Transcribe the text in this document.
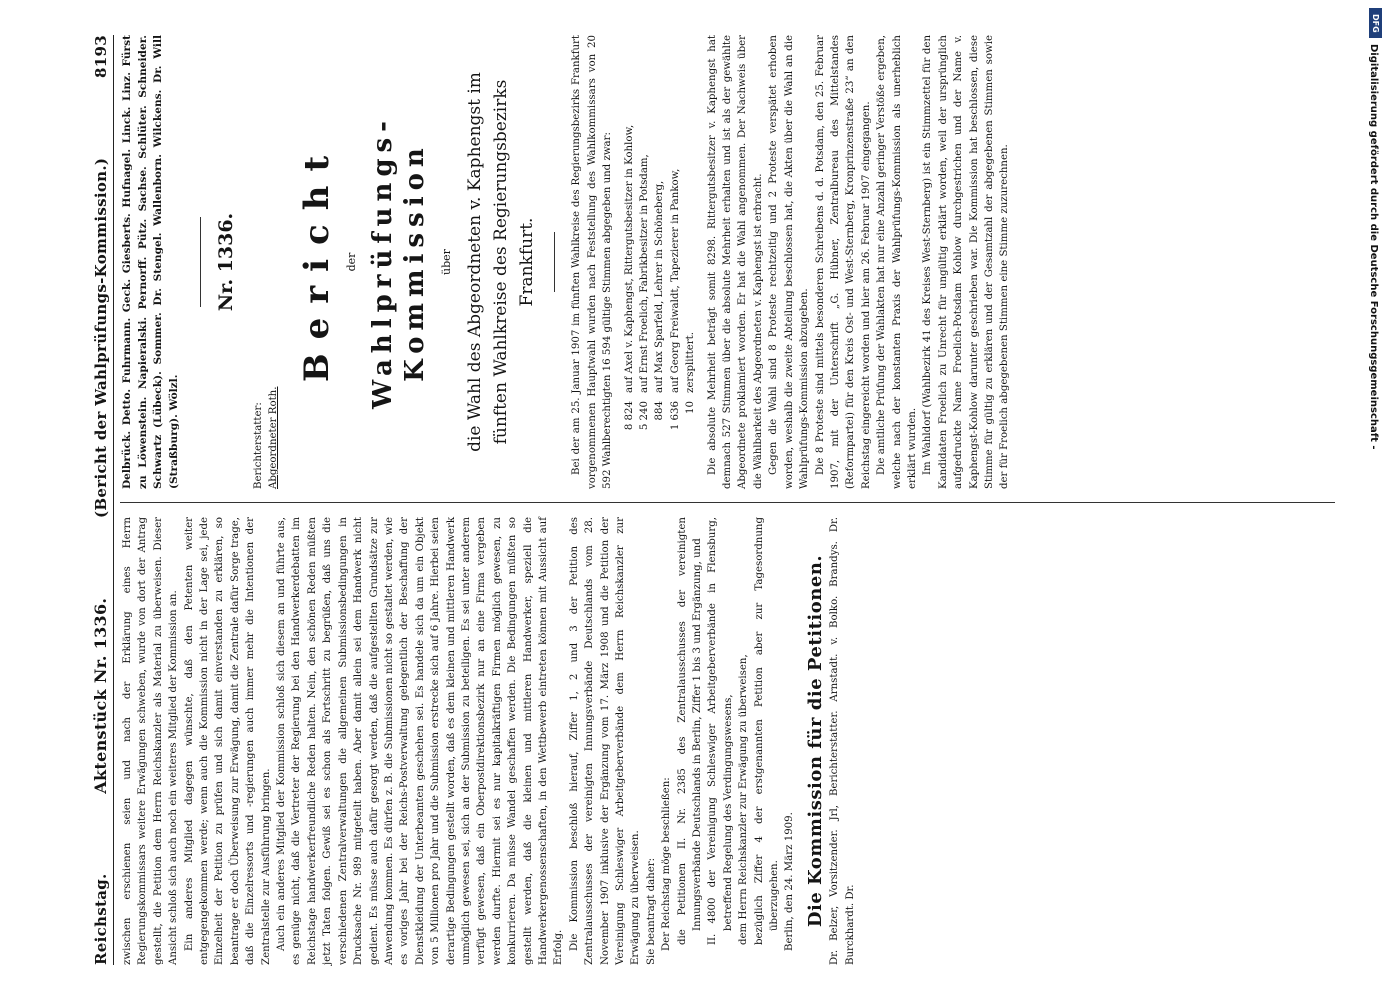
Reichstag.
Aktenstück Nr. 1336.
(Bericht der Wahlprüfungs-Kommission.)
8193

zwischen erschienen seien und nach der Erklärung eines Herrn Regierungskommissars weitere Erwägungen schweben, wurde von dort der Antrag gestellt, die Petition dem Herrn Reichskanzler als Material zu überweisen. Dieser Ansicht schloß sich auch noch ein weiteres Mitglied der Kommission an. Ein anderes Mitglied dagegen wünschte, daß den Petenten weiter entgegengekommen werde; wenn auch die Kommission nicht in der Lage sei, jede Einzelheit der Petition zu prüfen und sich damit einverstanden zu erklären, so beantrage er doch Überweisung zur Erwägung, damit die Zentrale dafür Sorge trage, daß die Einzelressorts und -regierungen auch immer mehr die Intentionen der Zentralstelle zur Ausführung bringen. Auch ein anderes Mitglied der Kommission schloß sich diesem an und führte aus, es genüge nicht, daß die Vertreter der Regierung bei den Handwerkerdebatten im Reichstage handwerkerfreundliche Reden halten. Nein, den schönen Reden müßten jetzt Taten folgen. Gewiß sei es schon als Fortschritt zu begrüßen, daß uns die verschiedenen Zentralverwaltungen die allgemeinen Submissionsbedingungen in Drucksache Nr. 989 mitgeteilt haben. Aber damit allein sei dem Handwerk nicht gedient. Es müsse auch dafür gesorgt werden, daß die aufgestellten Grundsätze zur Anwendung kommen. Es dürfen z. B. die Submissionen nicht so gestaltet werden, wie es voriges Jahr bei der Reichs-Postverwaltung gelegentlich der Beschaffung der Dienstkleidung der Unterbeamten geschehen sei. Es handele sich da um ein Objekt von 5 Millionen pro Jahr und die Submission erstrecke sich auf 6 Jahre. Hierbei seien derartige Bedingungen gestellt worden, daß es dem kleinen und mittleren Handwerk unmöglich gewesen sei, sich an der Submission zu beteiligen. Es sei unter anderem verfügt gewesen, daß ein Oberpostdirektionsbezirk nur an eine Firma vergeben werden durfte. Hiermit sei es nur kapitalkräftigen Firmen möglich gewesen, zu konkurrieren. Da müsse Wandel geschaffen werden. Die Bedingungen müßten so gestellt werden, daß die kleinen und mittleren Handwerker, speziell die Handwerkergenossenschaften, in den Wettbewerb eintreten können mit Aussicht auf Erfolg. Die Kommission beschloß hierauf, Ziffer 1, 2 und 3 der Petition des Zentralausschusses der vereinigten Innungsverbände Deutschlands vom 28. November 1907 inklusive der Ergänzung vom 17. März 1908 und die Petition der Vereinigung Schleswiger Arbeitgeberverbände dem Herrn Reichskanzler zur Erwägung zu überweisen. Sie beantragt daher: Der Reichstag möge beschließen: die Petitionen II. Nr. 2385 des Zentralausschusses der vereinigten Innungsverbände Deutschlands in Berlin, Ziffer 1 bis 3 und Ergänzung, und II. 4800 der Vereinigung Schleswiger Arbeitgeberverbände in Flensburg, betreffend Regelung des Verdingungswesens, dem Herrn Reichskanzler zur Erwägung zu überweisen, bezüglich Ziffer 4 der erstgenannten Petition aber zur Tagesordnung überzugehen. Berlin, den 24. März 1909. Die Kommission für die Petitionen. Dr. Belzer, Vorsitzender. Jrl, Berichterstatter. Arnstadt. v. Bolko. Brandys. Dr. Burckhardt. Dr.

Delbrück. Detto. Fuhrmann. Geck. Giesberts. Hufnagel. Linck. Linz. Fürst zu Löwenstein. Napieralski. Pernorff. Pütz. Sachse. Schlüter. Schneider. Schwartz (Lübeck). Sommer. Dr. Stengel. Wallenborn. Wilckens. Dr. Will (Straßburg). Wölzl.

Nr. 1336.

Berichterstatter: Abgeordneter Roth.

Bericht der Wahlprüfungs-Kommission über die Wahl des Abgeordneten v. Kaphengst im fünften Wahlkreise des Regierungsbezirks Frankfurt.	Bei der am 25. Januar 1907 im fünften Wahlkreise des Regierungsbezirks Frankfurt vorgenommenen Hauptwahl wurden nach Feststellung des Wahlkommissars von 20 592 Wahlberechtigten 16 594 gültige Stimmen abgegeben und zwar: 8 824
auf Axel v. Kaphengst, Rittergutsbesitzer in Kohlow,
5 240
auf Ernst Froelich, Fabrikbesitzer in Potsdam,
884
auf Max Sparfeld, Lehrer in Schöneberg,
1 636
auf Georg Freiwaldt, Tapezierer in Pankow,
10
zersplittert. Die absolute Mehrheit beträgt somit 8298. Rittergutsbesitzer v. Kaphengst hat demnach 527 Stimmen über die absolute Mehrheit erhalten und ist als der gewählte Abgeordnete proklamiert worden. Er hat die Wahl angenommen. Der Nachweis über die Wählbarkeit des Abgeordneten v. Kaphengst ist erbracht. Gegen die Wahl sind 8 Proteste rechtzeitig und 2 Proteste verspätet erhoben worden, weshalb die zweite Abteilung beschlossen hat, die Akten über die Wahl an die Wahlprüfungs-Kommission abzugeben. Die 8 Proteste sind mittels besonderen Schreibens d. d. Potsdam, den 25. Februar 1907, mit der Unterschrift „G. Hübner, Zentralbureau des Mittelstandes (Reformpartei) für den Kreis Ost- und West-Sternberg, Kronprinzenstraße 23“ an den Reichstag eingereicht worden und hier am 26. Februar 1907 eingegangen. Die amtliche Prüfung der Wahlakten hat nur eine Anzahl geringer Verstöße ergeben, welche nach der konstanten Praxis der Wahlprüfungs-Kommission als unerheblich erklärt wurden. Im Wahldorf (Wahlbezirk 41 des Kreises West-Sternberg) ist ein Stimmzettel für den Kandidaten Froelich zu Unrecht für ungültig erklärt worden, weil der ursprünglich aufgedruckte Name Froelich-Potsdam Kohlow durchgestrichen und der Name v. Kaphengst-Kohlow darunter geschrieben war. Die Kommission hat beschlossen, diese Stimme für gültig zu erklären und der Gesamtzahl der abgegebenen Stimmen sowie der für Froelich abgegebenen Stimmen eine Stimme zuzurechnen.

DFG
Digitalisierung gefördert durch die Deutsche Forschungsgemeinschaft -
